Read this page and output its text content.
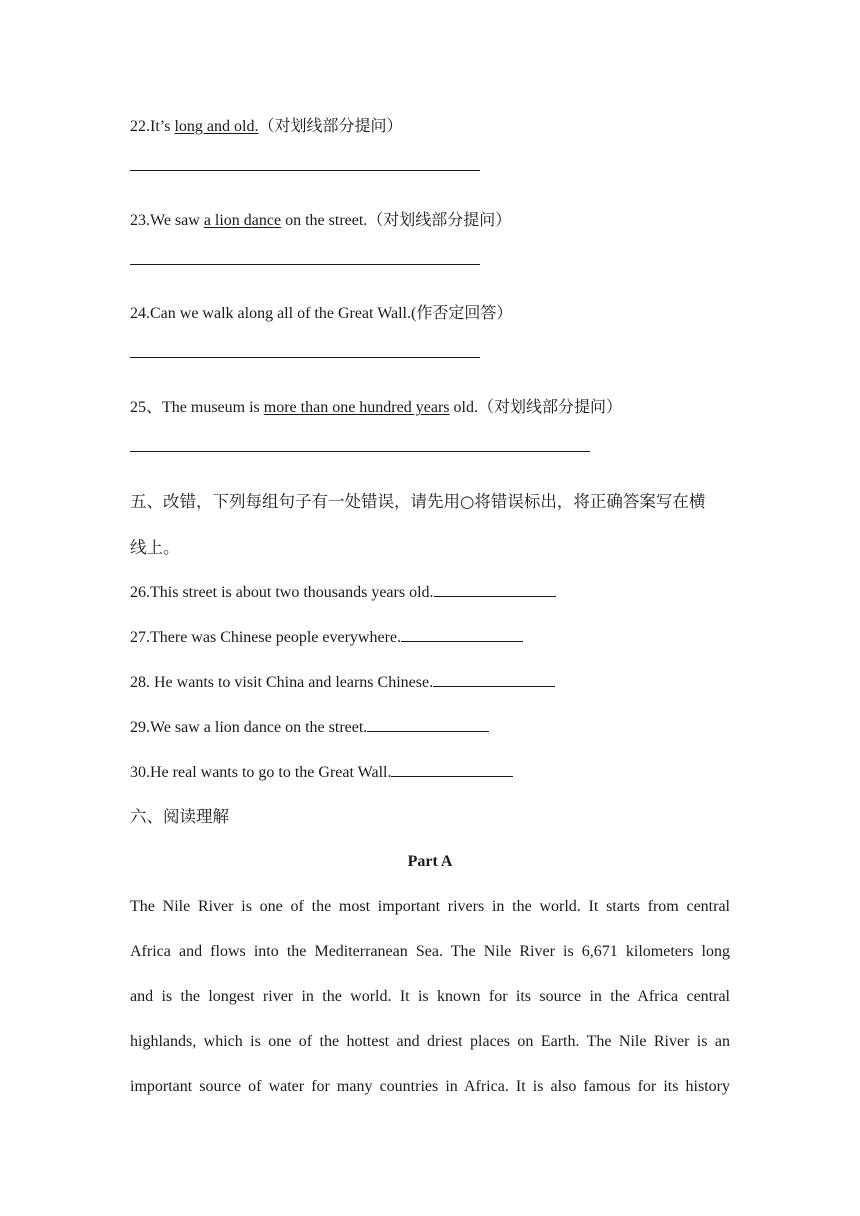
22.It’s long and old.（对划线部分提问）
23.We saw a lion dance on the street.（对划线部分提问）
24.Can we walk along all of the Great Wall.(作否定回答）
25、The museum is more than one hundred years old.（对划线部分提问）
五、改错，下列每组句子有一处错误，请先用○将错误标出，将正确答案写在横
线上。
26.This street is about two thousands years old.
27.There was Chinese people everywhere.
28. He wants to visit China and learns Chinese.
29.We saw a lion dance on the street.
30.He real wants to go to the Great Wall.
六、阅读理解
Part A
The Nile River is one of the most important rivers in the world. It starts from central
Africa and flows into the Mediterranean Sea. The Nile River is 6,671 kilometers long
and is the longest river in the world. It is known for its source in the Africa central
highlands, which is one of the hottest and driest places on Earth. The Nile River is an
important source of water for many countries in Africa. It is also famous for its history
